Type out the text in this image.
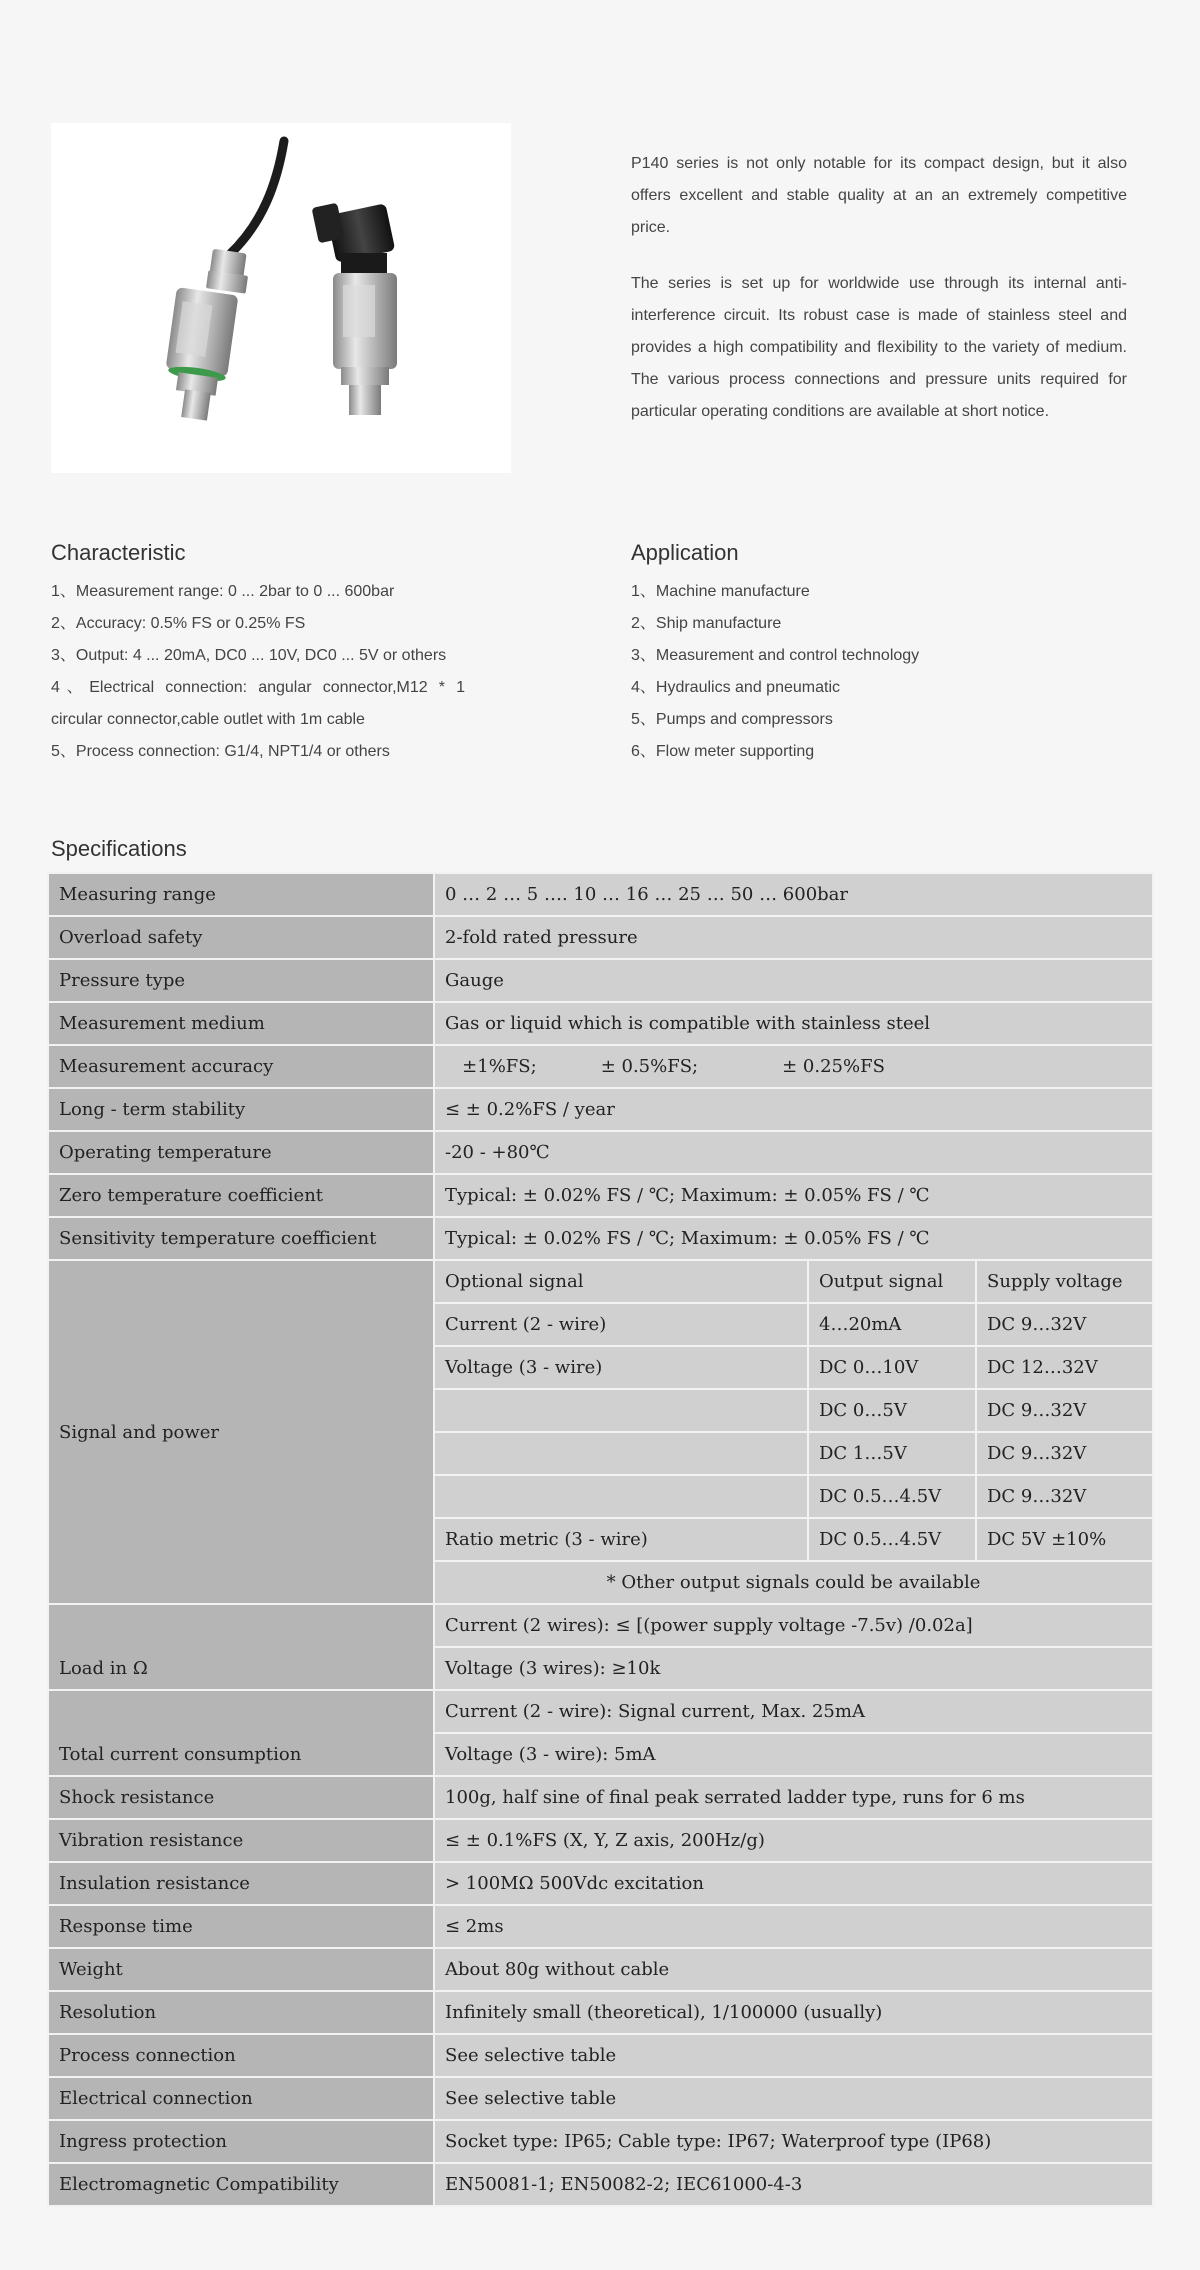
P140 series is not only notable for its compact design, but it also offers excellent and stable quality at an an extremely competitive price.

The series is set up for worldwide use through its internal anti-interference circuit. Its robust case is made of stainless steel and provides a high compatibility and flexibility to the variety of medium. The various process connections and pressure units required for particular operating conditions are available at short notice.

Characteristic
1、Measurement range: 0 ... 2bar to 0 ... 600bar
2、Accuracy: 0.5% FS or 0.25% FS
3、Output: 4 ... 20mA, DC0 ... 10V, DC0 ... 5V or others
4、Electrical connection: angular connector,M12 * 1 circular connector,cable outlet with 1m cable
5、Process connection: G1/4, NPT1/4 or others
Application
1、Machine manufacture
2、Ship manufacture
3、Measurement and control technology
4、Hydraulics and pneumatic
5、Pumps and compressors
6、Flow meter supporting
Specifications
Measuring range	0 … 2 … 5 …. 10 … 16 … 25 … 50 … 600bar		
Overload safety	2-fold rated pressure		
Pressure type	Gauge		
Measurement medium	Gas or liquid which is compatible with stainless steel		
Measurement accuracy	±1%FS; ± 0.5%FS; ± 0.25%FS		
Long - term stability	≤ ± 0.2%FS / year		
Operating temperature	-20 - +80℃		
Zero temperature coefficient	Typical: ± 0.02% FS / ℃; Maximum: ± 0.05% FS / ℃		
Sensitivity temperature coefficient	Typical: ± 0.02% FS / ℃; Maximum: ± 0.05% FS / ℃		
Signal and power	Optional signal	Output signal	Supply voltage
	Current (2 - wire)	4…20mA	DC 9…32V
	Voltage (3 - wire)	DC 0…10V	DC 12…32V
		DC 0…5V	DC 9…32V
		DC 1…5V	DC 9…32V
		DC 0.5…4.5V	DC 9…32V
	Ratio metric (3 - wire)	DC 0.5…4.5V	DC 5V ±10%
	* Other output signals could be available		
Load in Ω	Current (2 wires): ≤ [(power supply voltage -7.5v) /0.02a]		
	Voltage (3 wires): ≥10k		
Total current consumption	Current (2 - wire): Signal current, Max. 25mA		
	Voltage (3 - wire): 5mA		
Shock resistance	100g, half sine of final peak serrated ladder type, runs for 6 ms		
Vibration resistance	≤ ± 0.1%FS (X, Y, Z axis, 200Hz/g)		
Insulation resistance	> 100MΩ 500Vdc excitation		
Response time	≤ 2ms		
Weight	About 80g without cable		
Resolution	Infinitely small (theoretical), 1/100000 (usually)		
Process connection	See selective table		
Electrical connection	See selective table		
Ingress protection	Socket type: IP65; Cable type: IP67; Waterproof type (IP68)		
Electromagnetic Compatibility	EN50081-1; EN50082-2; IEC61000-4-3		
